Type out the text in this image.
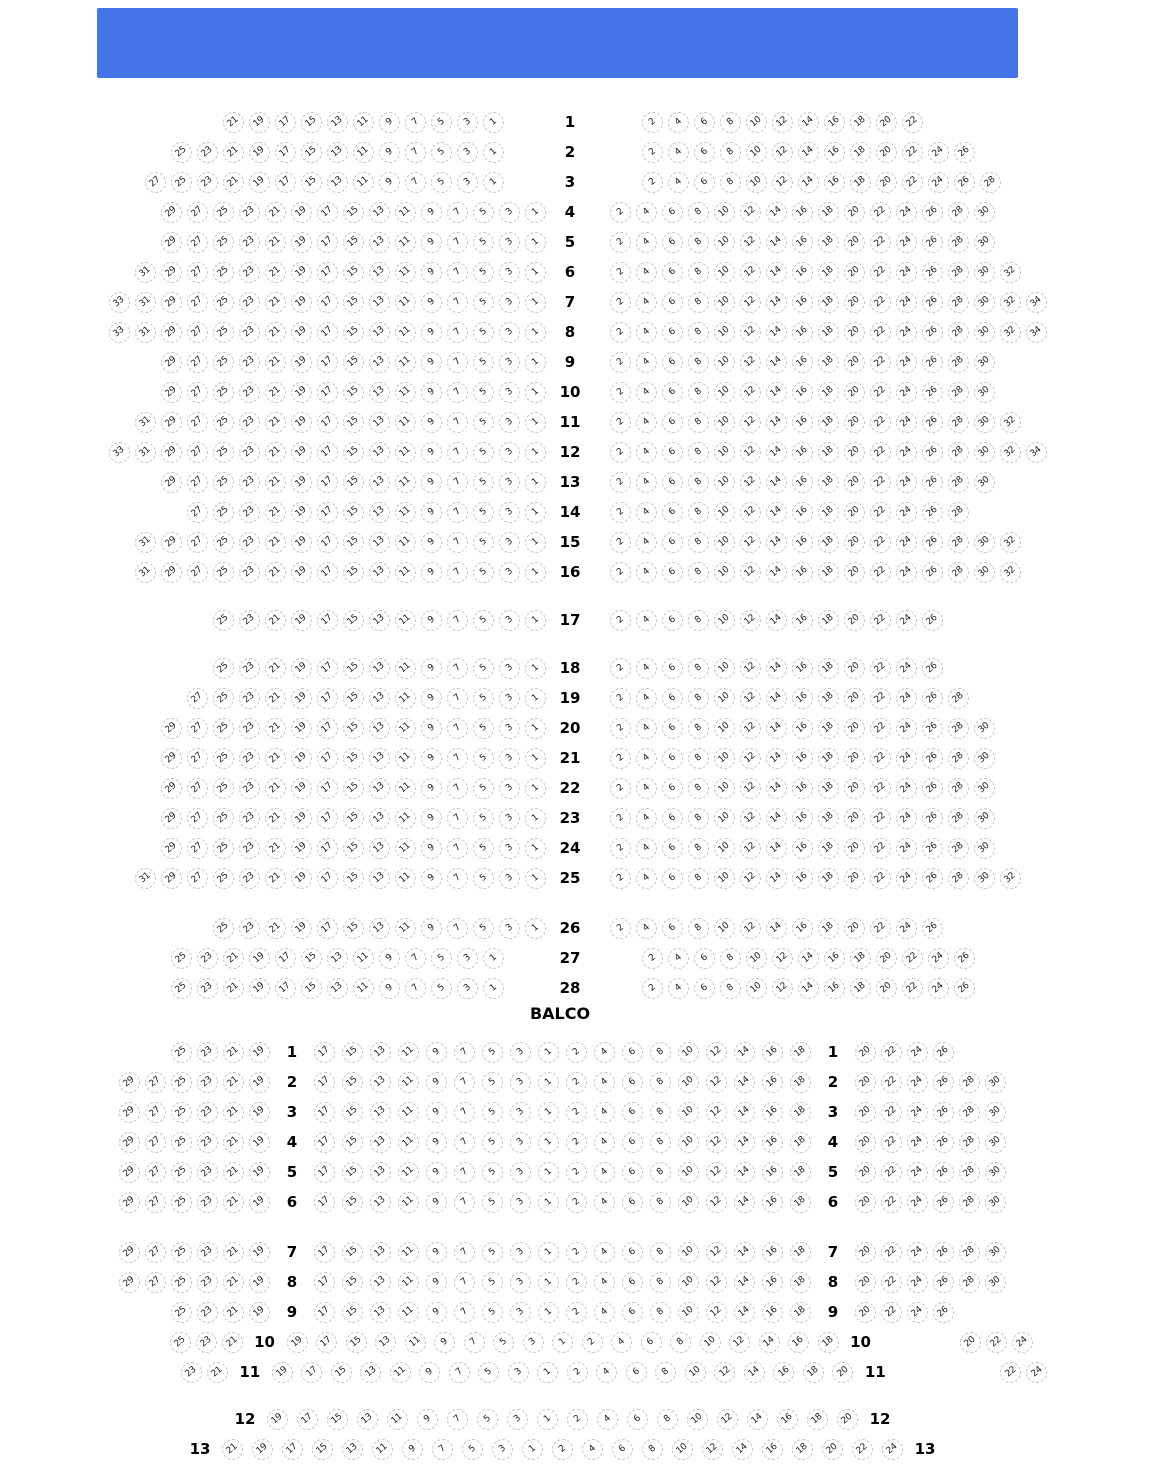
21 19 17 15 13 11 9 7 5 3 1	1	2 4 6 8 10 12 14 16 18 20 22
25 23 21 19 17 15 13 11 9 7 5 3 1	2	2 4 6 8 10 12 14 16 18 20 22 24 26
27 25 23 21 19 17 15 13 11 9 7 5 3 1	3	2 4 6 8 10 12 14 16 18 20 22 24 26 28
29 27 25 23 21 19 17 15 13 11 9 7 5 3 1	4	2 4 6 8 10 12 14 16 18 20 22 24 26 28 30
29 27 25 23 21 19 17 15 13 11 9 7 5 3 1	5	2 4 6 8 10 12 14 16 18 20 22 24 26 28 30
31 29 27 25 23 21 19 17 15 13 11 9 7 5 3 1	6	2 4 6 8 10 12 14 16 18 20 22 24 26 28 30 32
33 31 29 27 25 23 21 19 17 15 13 11 9 7 5 3 1	7	2 4 6 8 10 12 14 16 18 20 22 24 26 28 30 32 34
33 31 29 27 25 23 21 19 17 15 13 11 9 7 5 3 1	8	2 4 6 8 10 12 14 16 18 20 22 24 26 28 30 32 34
29 27 25 23 21 19 17 15 13 11 9 7 5 3 1	9	2 4 6 8 10 12 14 16 18 20 22 24 26 28 30
29 27 25 23 21 19 17 15 13 11 9 7 5 3 1	10	2 4 6 8 10 12 14 16 18 20 22 24 26 28 30
31 29 27 25 23 21 19 17 15 13 11 9 7 5 3 1	11	2 4 6 8 10 12 14 16 18 20 22 24 26 28 30 32
33 31 29 27 25 23 21 19 17 15 13 11 9 7 5 3 1	12	2 4 6 8 10 12 14 16 18 20 22 24 26 28 30 32 34
29 27 25 23 21 19 17 15 13 11 9 7 5 3 1	13	2 4 6 8 10 12 14 16 18 20 22 24 26 28 30
27 25 23 21 19 17 15 13 11 9 7 5 3 1	14	2 4 6 8 10 12 14 16 18 20 22 24 26 28
31 29 27 25 23 21 19 17 15 13 11 9 7 5 3 1	15	2 4 6 8 10 12 14 16 18 20 22 24 26 28 30 32
31 29 27 25 23 21 19 17 15 13 11 9 7 5 3 1	16	2 4 6 8 10 12 14 16 18 20 22 24 26 28 30 32
25 23 21 19 17 15 13 11 9 7 5 3 1	17	2 4 6 8 10 12 14 16 18 20 22 24 26
25 23 21 19 17 15 13 11 9 7 5 3 1	18	2 4 6 8 10 12 14 16 18 20 22 24 26
27 25 23 21 19 17 15 13 11 9 7 5 3 1	19	2 4 6 8 10 12 14 16 18 20 22 24 26 28
29 27 25 23 21 19 17 15 13 11 9 7 5 3 1	20	2 4 6 8 10 12 14 16 18 20 22 24 26 28 30
29 27 25 23 21 19 17 15 13 11 9 7 5 3 1	21	2 4 6 8 10 12 14 16 18 20 22 24 26 28 30
29 27 25 23 21 19 17 15 13 11 9 7 5 3 1	22	2 4 6 8 10 12 14 16 18 20 22 24 26 28 30
29 27 25 23 21 19 17 15 13 11 9 7 5 3 1	23	2 4 6 8 10 12 14 16 18 20 22 24 26 28 30
29 27 25 23 21 19 17 15 13 11 9 7 5 3 1	24	2 4 6 8 10 12 14 16 18 20 22 24 26 28 30
31 29 27 25 23 21 19 17 15 13 11 9 7 5 3 1	25	2 4 6 8 10 12 14 16 18 20 22 24 26 28 30 32
25 23 21 19 17 15 13 11 9 7 5 3 1	26	2 4 6 8 10 12 14 16 18 20 22 24 26
25 23 21 19 17 15 13 11 9 7 5 3 1	27	2 4 6 8 10 12 14 16 18 20 22 24 26
25 23 21 19 17 15 13 11 9 7 5 3 1	28	2 4 6 8 10 12 14 16 18 20 22 24 26
BALCO
25 23 21 19	1	17 15 13 11 9 7 5 3 1 2 4 6 8 10 12 14 16 18	1	20 22 24 26
29 27 25 23 21 19	2	17 15 13 11 9 7 5 3 1 2 4 6 8 10 12 14 16 18	2	20 22 24 26 28 30
29 27 25 23 21 19	3	17 15 13 11 9 7 5 3 1 2 4 6 8 10 12 14 16 18	3	20 22 24 26 28 30
29 27 25 23 21 19	4	17 15 13 11 9 7 5 3 1 2 4 6 8 10 12 14 16 18	4	20 22 24 26 28 30
29 27 25 23 21 19	5	17 15 13 11 9 7 5 3 1 2 4 6 8 10 12 14 16 18	5	20 22 24 26 28 30
29 27 25 23 21 19	6	17 15 13 11 9 7 5 3 1 2 4 6 8 10 12 14 16 18	6	20 22 24 26 28 30
29 27 25 23 21 19	7	17 15 13 11 9 7 5 3 1 2 4 6 8 10 12 14 16 18	7	20 22 24 26 28 30
29 27 25 23 21 19	8	17 15 13 11 9 7 5 3 1 2 4 6 8 10 12 14 16 18	8	20 22 24 26 28 30
25 23 21 19	9	17 15 13 11 9 7 5 3 1 2 4 6 8 10 12 14 16 18	9	20 22 24 26
25 23 21	10	19 17 15 13 11 9 7 5 3 1 2 4 6 8 10 12 14 16 18	10	20 22 24
23 21	11	19 17 15 13 11 9 7 5 3 1 2 4 6 8 10 12 14 16 18 20	11	22 24
12	19 17 15 13 11 9 7 5 3 1 2 4 6 8 10 12 14 16 18 20	12
13	21 19 17 15 13 11 9 7 5 3 1 2 4 6 8 10 12 14 16 18 20 22 24	13
